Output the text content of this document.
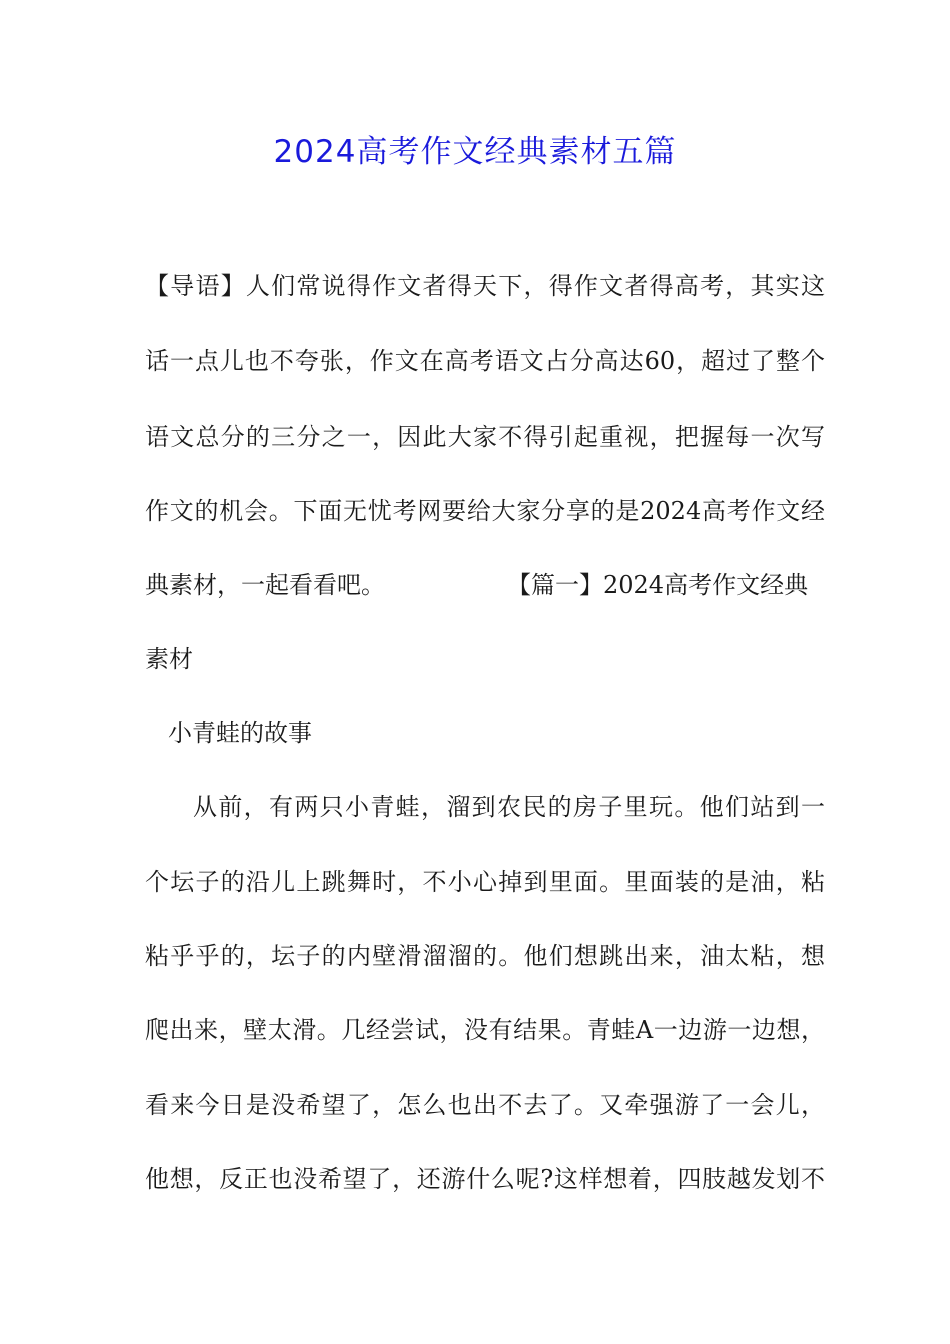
2024高考作文经典素材五篇

【导语】人们常说得作文者得天下，得作文者得高考，其实这

话一点儿也不夸张，作文在高考语文占分高达60，超过了整个

语文总分的三分之一，因此大家不得引起重视，把握每一次写

作文的机会。下面无忧考网要给大家分享的是2024高考作文经

典素材，一起看看吧。	【篇一】2024高考作文经典

素材

小青蛙的故事

从前，有两只小青蛙，溜到农民的房子里玩。他们站到一

个坛子的沿儿上跳舞时，不小心掉到里面。里面装的是油，粘

粘乎乎的，坛子的内壁滑溜溜的。他们想跳出来，油太粘，想

爬出来，壁太滑。几经尝试，没有结果。青蛙A一边游一边想，

看来今日是没希望了，怎么也出不去了。又牵强游了一会儿，

他想，反正也没希望了，还游什么呢?这样想着，四肢越发划不
